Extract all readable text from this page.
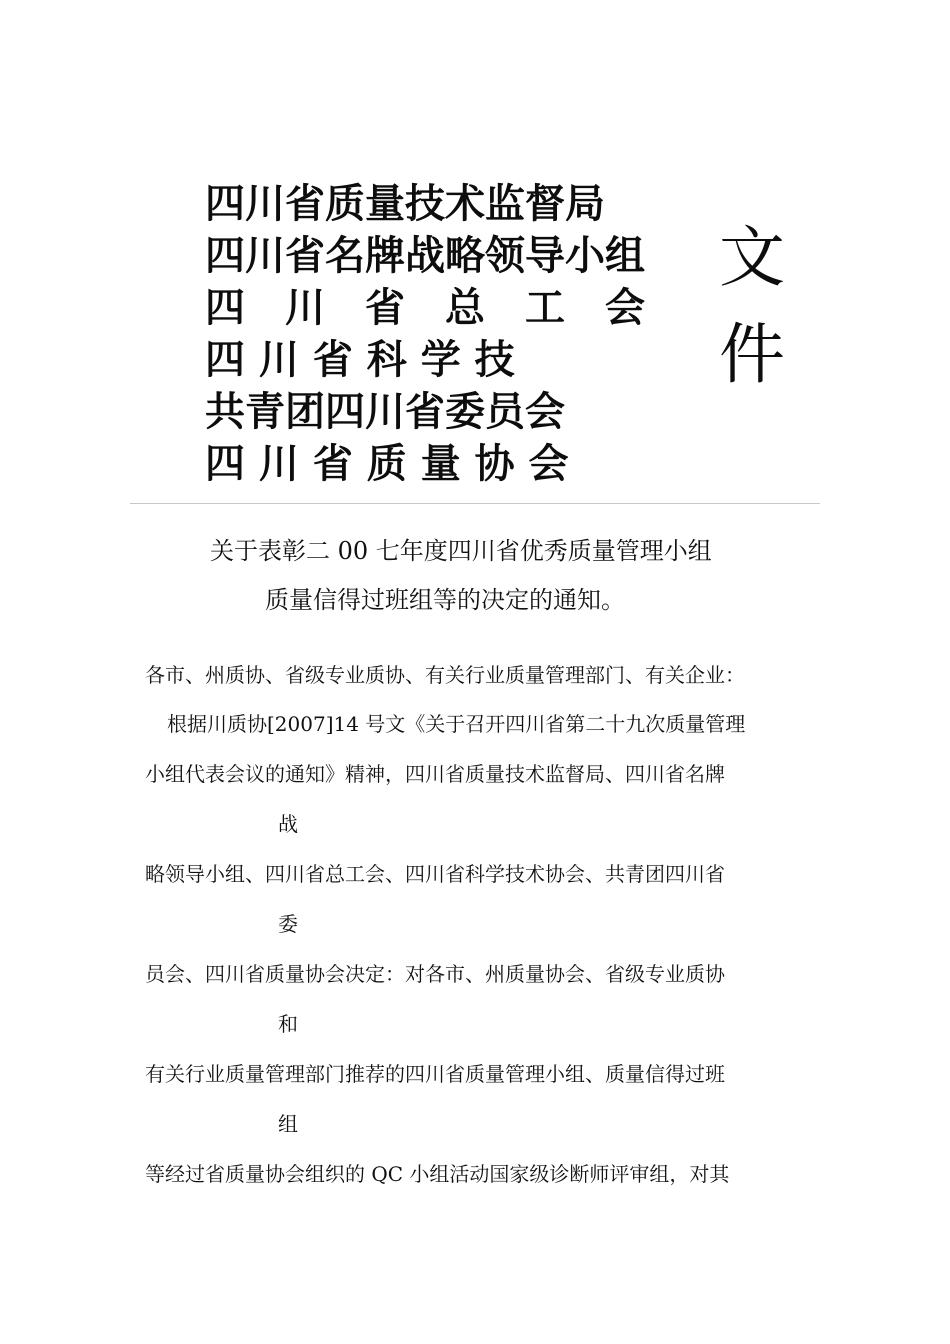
四川省质量技术监督局
四川省名牌战略领导小组
四　川　省　总　工　会
四 川 省 科 学 技
共青团四川省委员会
四 川 省 质 量 协 会
文
件
关于表彰二 00 七年度四川省优秀质量管理小组
质量信得过班组等的决定的通知。
各市、州质协、省级专业质协、有关行业质量管理部门、有关企业：
根据川质协[2007]14 号文《关于召开四川省第二十九次质量管理
小组代表会议的通知》精神，四川省质量技术监督局、四川省名牌
战
略领导小组、四川省总工会、四川省科学技术协会、共青团四川省
委
员会、四川省质量协会决定：对各市、州质量协会、省级专业质协
和
有关行业质量管理部门推荐的四川省质量管理小组、质量信得过班
组
等经过省质量协会组织的 QC 小组活动国家级诊断师评审组，对其
